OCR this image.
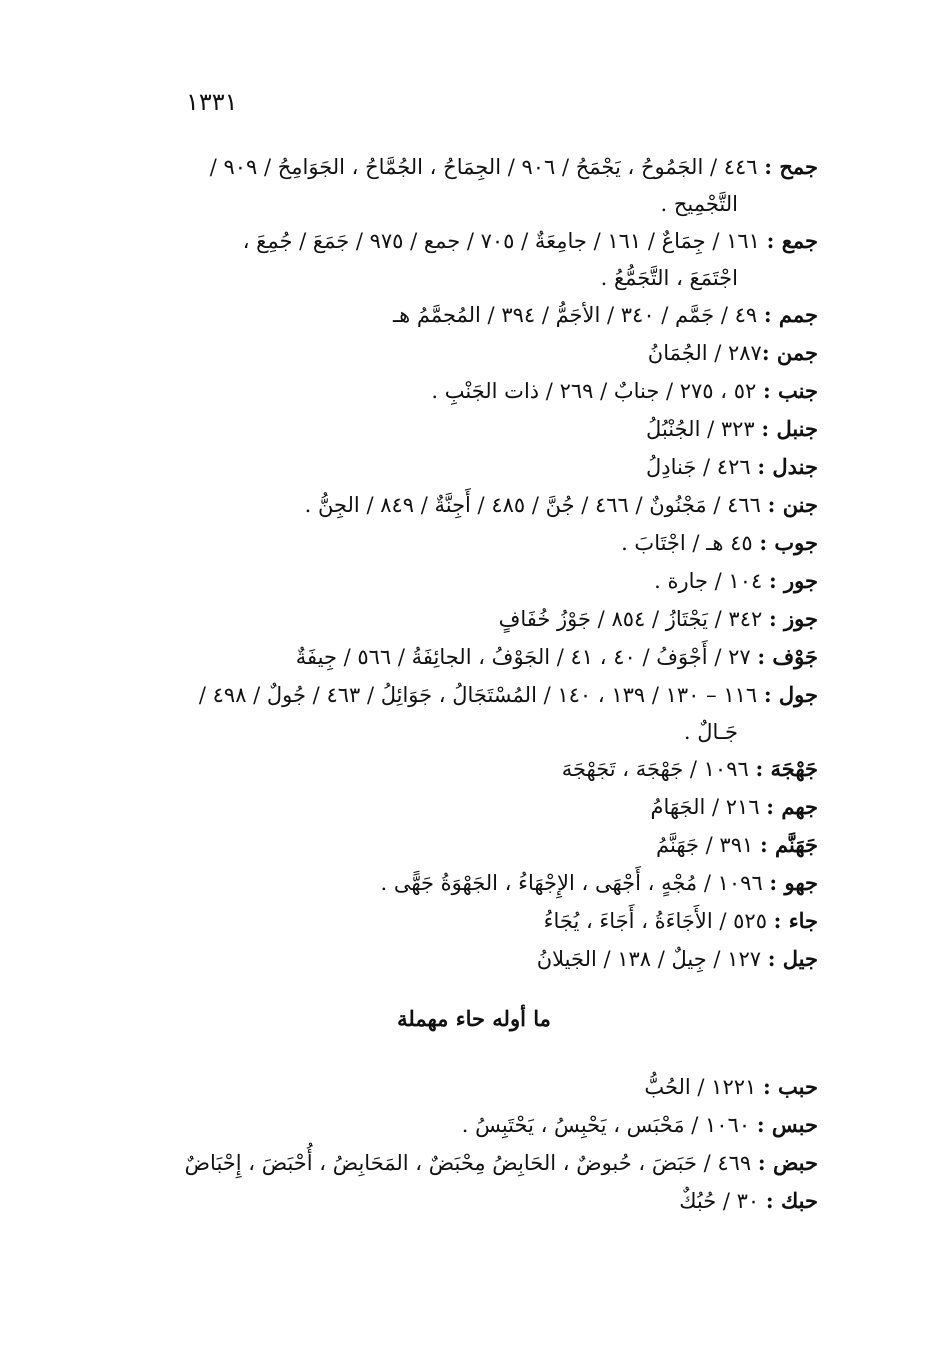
١٣٣١
جمح : ٤٤٦ / الجَمُوحُ ، يَجْمَحُ / ٩٠٦ / الجِمَاحُ ، الجُمَّاحُ ، الجَوَامِحُ / ٩٠٩ /
التَّجْمِيح .
جمع : ١٦١ / جِمَاعٌ / ١٦١ / جامِعَةٌ / ٧٠٥ / جمع / ٩٧٥ / جَمَعَ / جُمِعَ ،
اجْتَمَعَ ، التَّجَمُّعُ .
جمم : ٤٩ / جَمَّم / ٣٤٠ / الأجَمُّ / ٣٩٤ / المُجمَّمُ هـ
جمن :٢٨٧ / الجُمَانُ
جنب : ٥٢ ، ٢٧٥ / جنابٌ / ٢٦٩ / ذات الجَنْبِ .
جنبل : ٣٢٣ / الجُنْبُلُ
جندل : ٤٢٦ / جَنادِلُ
جنن : ٤٦٦ / مَجْنُونٌ / ٤٦٦ / جُنَّ / ٤٨٥ / أَجِنَّةٌ / ٨٤٩ / الجِنُّ .
جوب : ٤٥ هـ / اجْتَابَ .
جور : ١٠٤ / جارة .
جوز : ٣٤٢ / يَجْتَازُ / ٨٥٤ / جَوْزُ خُفَافٍ
جَوْف : ٢٧ / أَجْوَفُ / ٤٠ ، ٤١ / الجَوْفُ ، الجائِفَةُ / ٥٦٦ / جِيفَةٌ
جول : ١١٦ – ١٣٠ / ١٣٩ ، ١٤٠ / المُسْتَجَالُ ، جَوَائِلُ / ٤٦٣ / جُولٌ / ٤٩٨ /
جَـالٌ .
جَهْجَهَ : ١٠٩٦ / جَهْجَهَ ، تَجَهْجَهَ
جهم : ٢١٦ / الجَهَامُ
جَهَنَّم : ٣٩١ / جَهَنَّمُ
جهو : ١٠٩٦ / مُجْهٍ ، أَجْهَى ، الإِجْهَاءُ ، الجَهْوَةُ جَهًّى .
جاء : ٥٢٥ / الأَجَاءَةُ ، أَجَاءَ ، يُجَاءُ
جيل : ١٢٧ / جِيلٌ / ١٣٨ / الجَيلانُ
ما أوله حاء مهملة
حبب : ١٢٢١ / الحُبُّ
حبس : ١٠٦٠ / مَحْبَس ، يَحْبِسُ ، يَحْتَبِسُ .
حبض : ٤٦٩ / حَبَضَ ، حُبوضٌ ، الحَابِضُ مِحْبَضٌ ، المَحَابِضُ ، أُحْبَضَ ، إِحْبَاضٌ
حبك : ٣٠ / حُبُكٌ
